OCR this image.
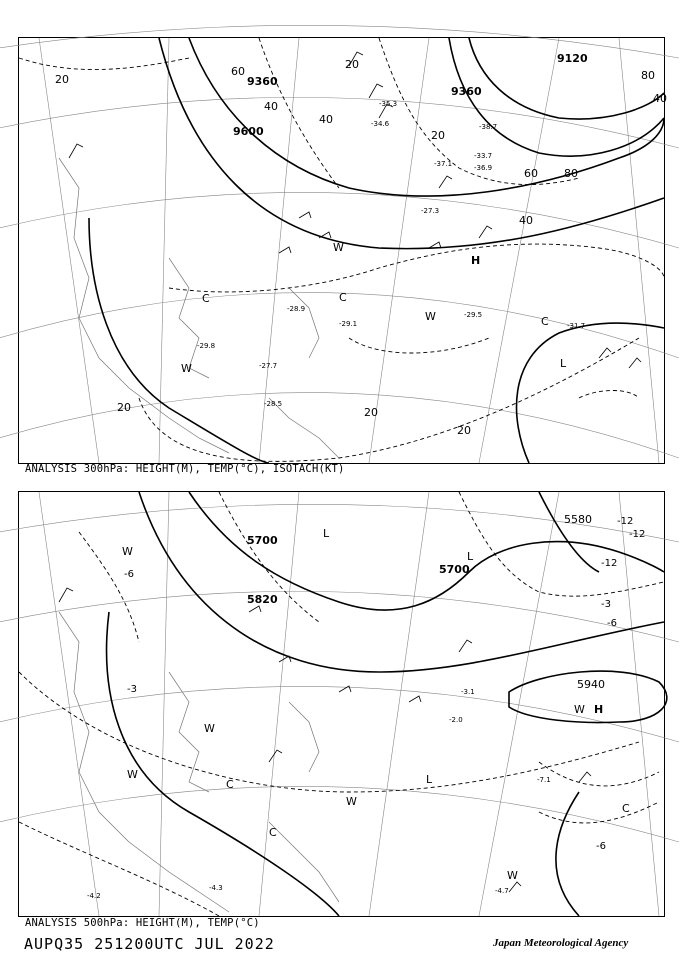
9360
9360
9120
9600
20
20
20
20	20
20
40
40
40
60
60
80
80
40
-27.3
-29.5
-31.7
-29.1
-28.9
-27.7
-28.5
-29.8
-33.7
-34.6
-35.3
-37.1	-36.9
-38.7
H
L
W
W
W
C	C
C
ANALYSIS 300hPa: HEIGHT(M), TEMP(°C), ISOTACH(KT)
5700
5700
5820
5940
5580
-3
-6
-6
-6
-3
-12
-12
-12
-4.7
-7.1
-4.3
-3.1
-2.0
-4.2
H
L
L
L
W
W
W
W
W
W
C
C
C
ANALYSIS 500hPa: HEIGHT(M), TEMP(°C)
AUPQ35 251200UTC JUL 2022	Japan Meteorological Agency
